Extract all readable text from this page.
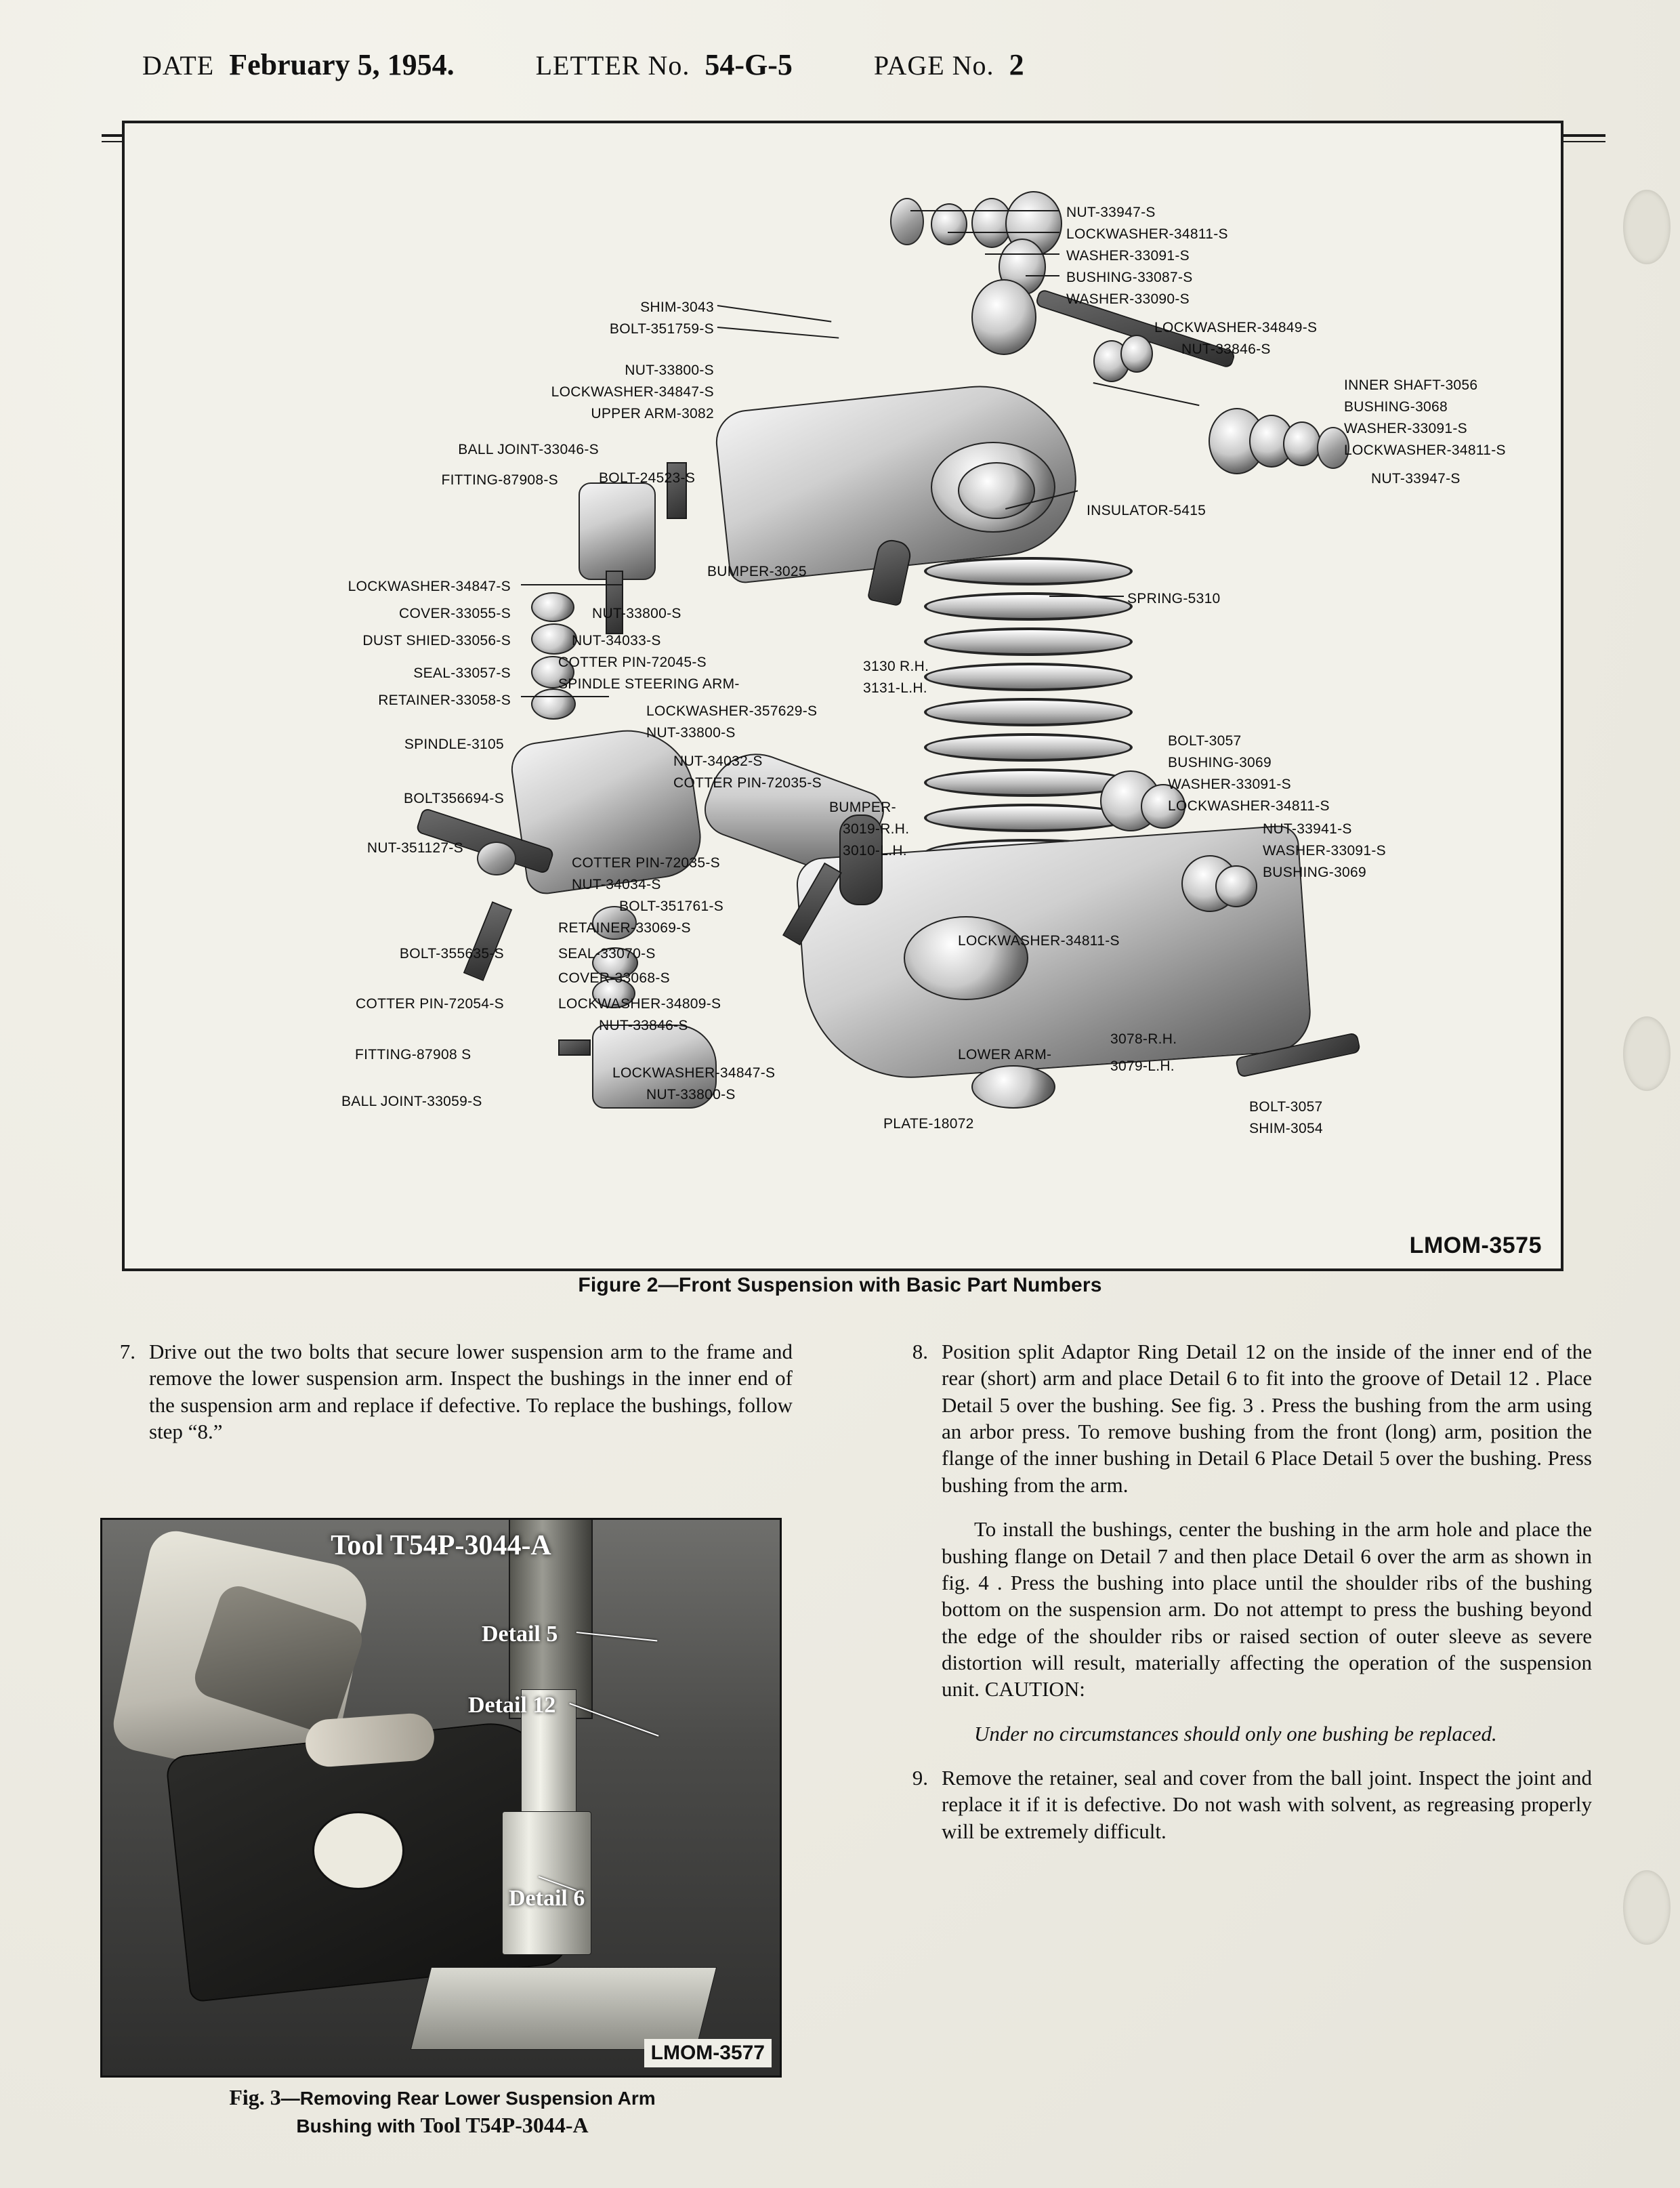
DATE February 5, 1954.	LETTER No. 54-G-5	PAGE No. 2
NUT-33947-S
LOCKWASHER-34811-S
WASHER-33091-S
BUSHING-33087-S
WASHER-33090-S
LOCKWASHER-34849-S
NUT-33846-S
INNER SHAFT-3056
BUSHING-3068
WASHER-33091-S
LOCKWASHER-34811-S
NUT-33947-S
SHIM-3043
BOLT-351759-S
NUT-33800-S
LOCKWASHER-34847-S
UPPER ARM-3082
BALL JOINT-33046-S
FITTING-87908-S	BOLT-24523-S
INSULATOR-5415
BUMPER-3025
SPRING-5310
LOCKWASHER-34847-S
COVER-33055-S
DUST SHIED-33056-S
SEAL-33057-S
RETAINER-33058-S
NUT-33800-S
NUT-34033-S
COTTER PIN-72045-S
SPINDLE STEERING ARM-
3130 R.H.
3131-L.H.
LOCKWASHER-357629-S
NUT-33800-S
SPINDLE-3105
NUT-34032-S
COTTER PIN-72035-S
BOLT356694-S
NUT-351127-S
BUMPER-
3019-R.H.
3010-L.H.
COTTER PIN-72035-S
NUT-34034-S
BOLT-351761-S
RETAINER-33069-S
SEAL-33070-S
COVER-33068-S
BOLT-355635-S
COTTER PIN-72054-S	LOCKWASHER-34809-S
NUT-33846-S
FITTING-87908 S
BALL JOINT-33059-S
LOCKWASHER-34847-S
NUT-33800-S
PLATE-18072
LOWER ARM-
3078-R.H.
3079-L.H.
BOLT-3057
BUSHING-3069
WASHER-33091-S
LOCKWASHER-34811-S
NUT-33941-S
WASHER-33091-S
BUSHING-3069
LOCKWASHER-34811-S
BOLT-3057
SHIM-3054
LMOM-3575
Figure 2—Front Suspension with Basic Part Numbers
7. Drive out the two bolts that secure lower suspension arm to the frame and remove the lower suspension arm. Inspect the bushings in the inner end of the suspension arm and replace if defective. To replace the bushings, follow step “8.”
8. Position split Adaptor Ring Detail 12 on the inside of the inner end of the rear (short) arm and place Detail 6 to fit into the groove of Detail 12 . Place Detail 5 over the bushing. See fig. 3 . Press the bushing from the arm using an arbor press. To remove bushing from the front (long) arm, position the flange of the inner bushing in Detail 6 Place Detail 5 over the bushing. Press bushing from the arm.
To install the bushings, center the bushing in the arm hole and place the bushing flange on Detail 7 and then place Detail 6 over the arm as shown in fig. 4 . Press the bushing into place until the shoulder ribs of the bushing bottom on the suspension arm. Do not attempt to press the bushing beyond the edge of the shoulder ribs or raised section of outer sleeve as severe distortion will result, materially affecting the operation of the suspension unit. CAUTION:
Under no circumstances should only one bushing be replaced.
9. Remove the retainer, seal and cover from the ball joint. Inspect the joint and replace it if it is defective. Do not wash with solvent, as regreasing properly will be extremely difficult.
Tool T54P-3044-A
Detail 5
Detail 12
Detail 6
LMOM-3577
Fig. 3—Removing Rear Lower Suspension Arm
Bushing with Tool T54P-3044-A
